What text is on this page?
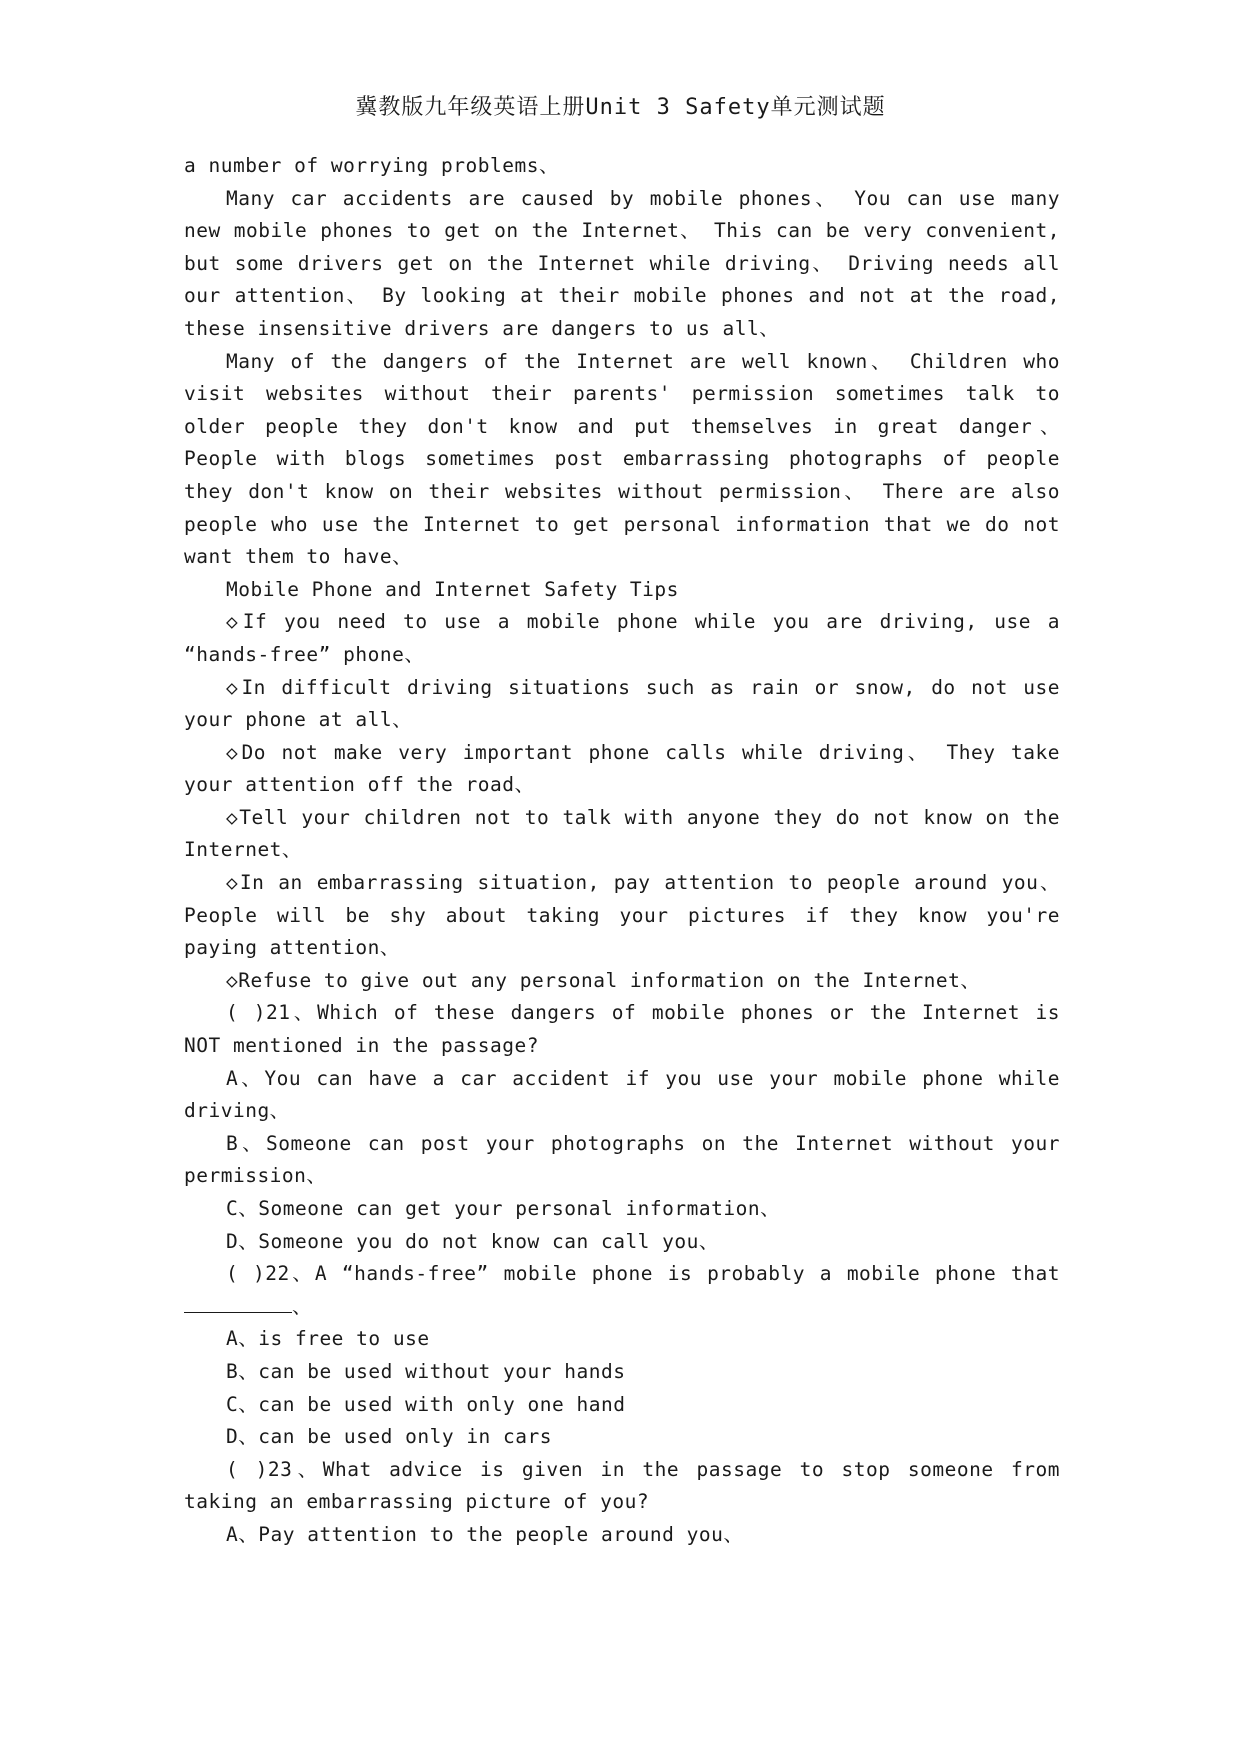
冀教版九年级英语上册Unit 3 Safety单元测试题

a number of worrying problems、

Many car accidents are caused by mobile phones、 You can use many new mobile phones to get on the Internet、 This can be very convenient, but some drivers get on the Internet while driving、 Driving needs all our attention、 By looking at their mobile phones and not at the road, these insensitive drivers are dangers to us all、

Many of the dangers of the Internet are well known、 Children who visit websites without their parents' permission sometimes talk to older people they don't know and put themselves in great danger、 People with blogs sometimes post embarrassing photographs of people they don't know on their websites without permission、 There are also people who use the Internet to get personal information that we do not want them to have、

Mobile Phone and Internet Safety Tips

◇If you need to use a mobile phone while you are driving, use a “hands-free” phone、

◇In difficult driving situations such as rain or snow, do not use your phone at all、

◇Do not make very important phone calls while driving、 They take your attention off the road、

◇Tell your children not to talk with anyone they do not know on the Internet、

◇In an embarrassing situation, pay attention to people around you、 People will be shy about taking your pictures if they know you're paying attention、

◇Refuse to give out any personal information on the Internet、

( )21、Which of these dangers of mobile phones or the Internet is NOT mentioned in the passage?

A、You can have a car accident if you use your mobile phone while driving、

B、Someone can post your photographs on the Internet without your permission、

C、Someone can get your personal information、

D、Someone you do not know can call you、

( )22、A “hands-free” mobile phone is probably a mobile phone that 、

A、is free to use

B、can be used without your hands

C、can be used with only one hand

D、can be used only in cars

( )23、What advice is given in the passage to stop someone from taking an embarrassing picture of you?

A、Pay attention to the people around you、
